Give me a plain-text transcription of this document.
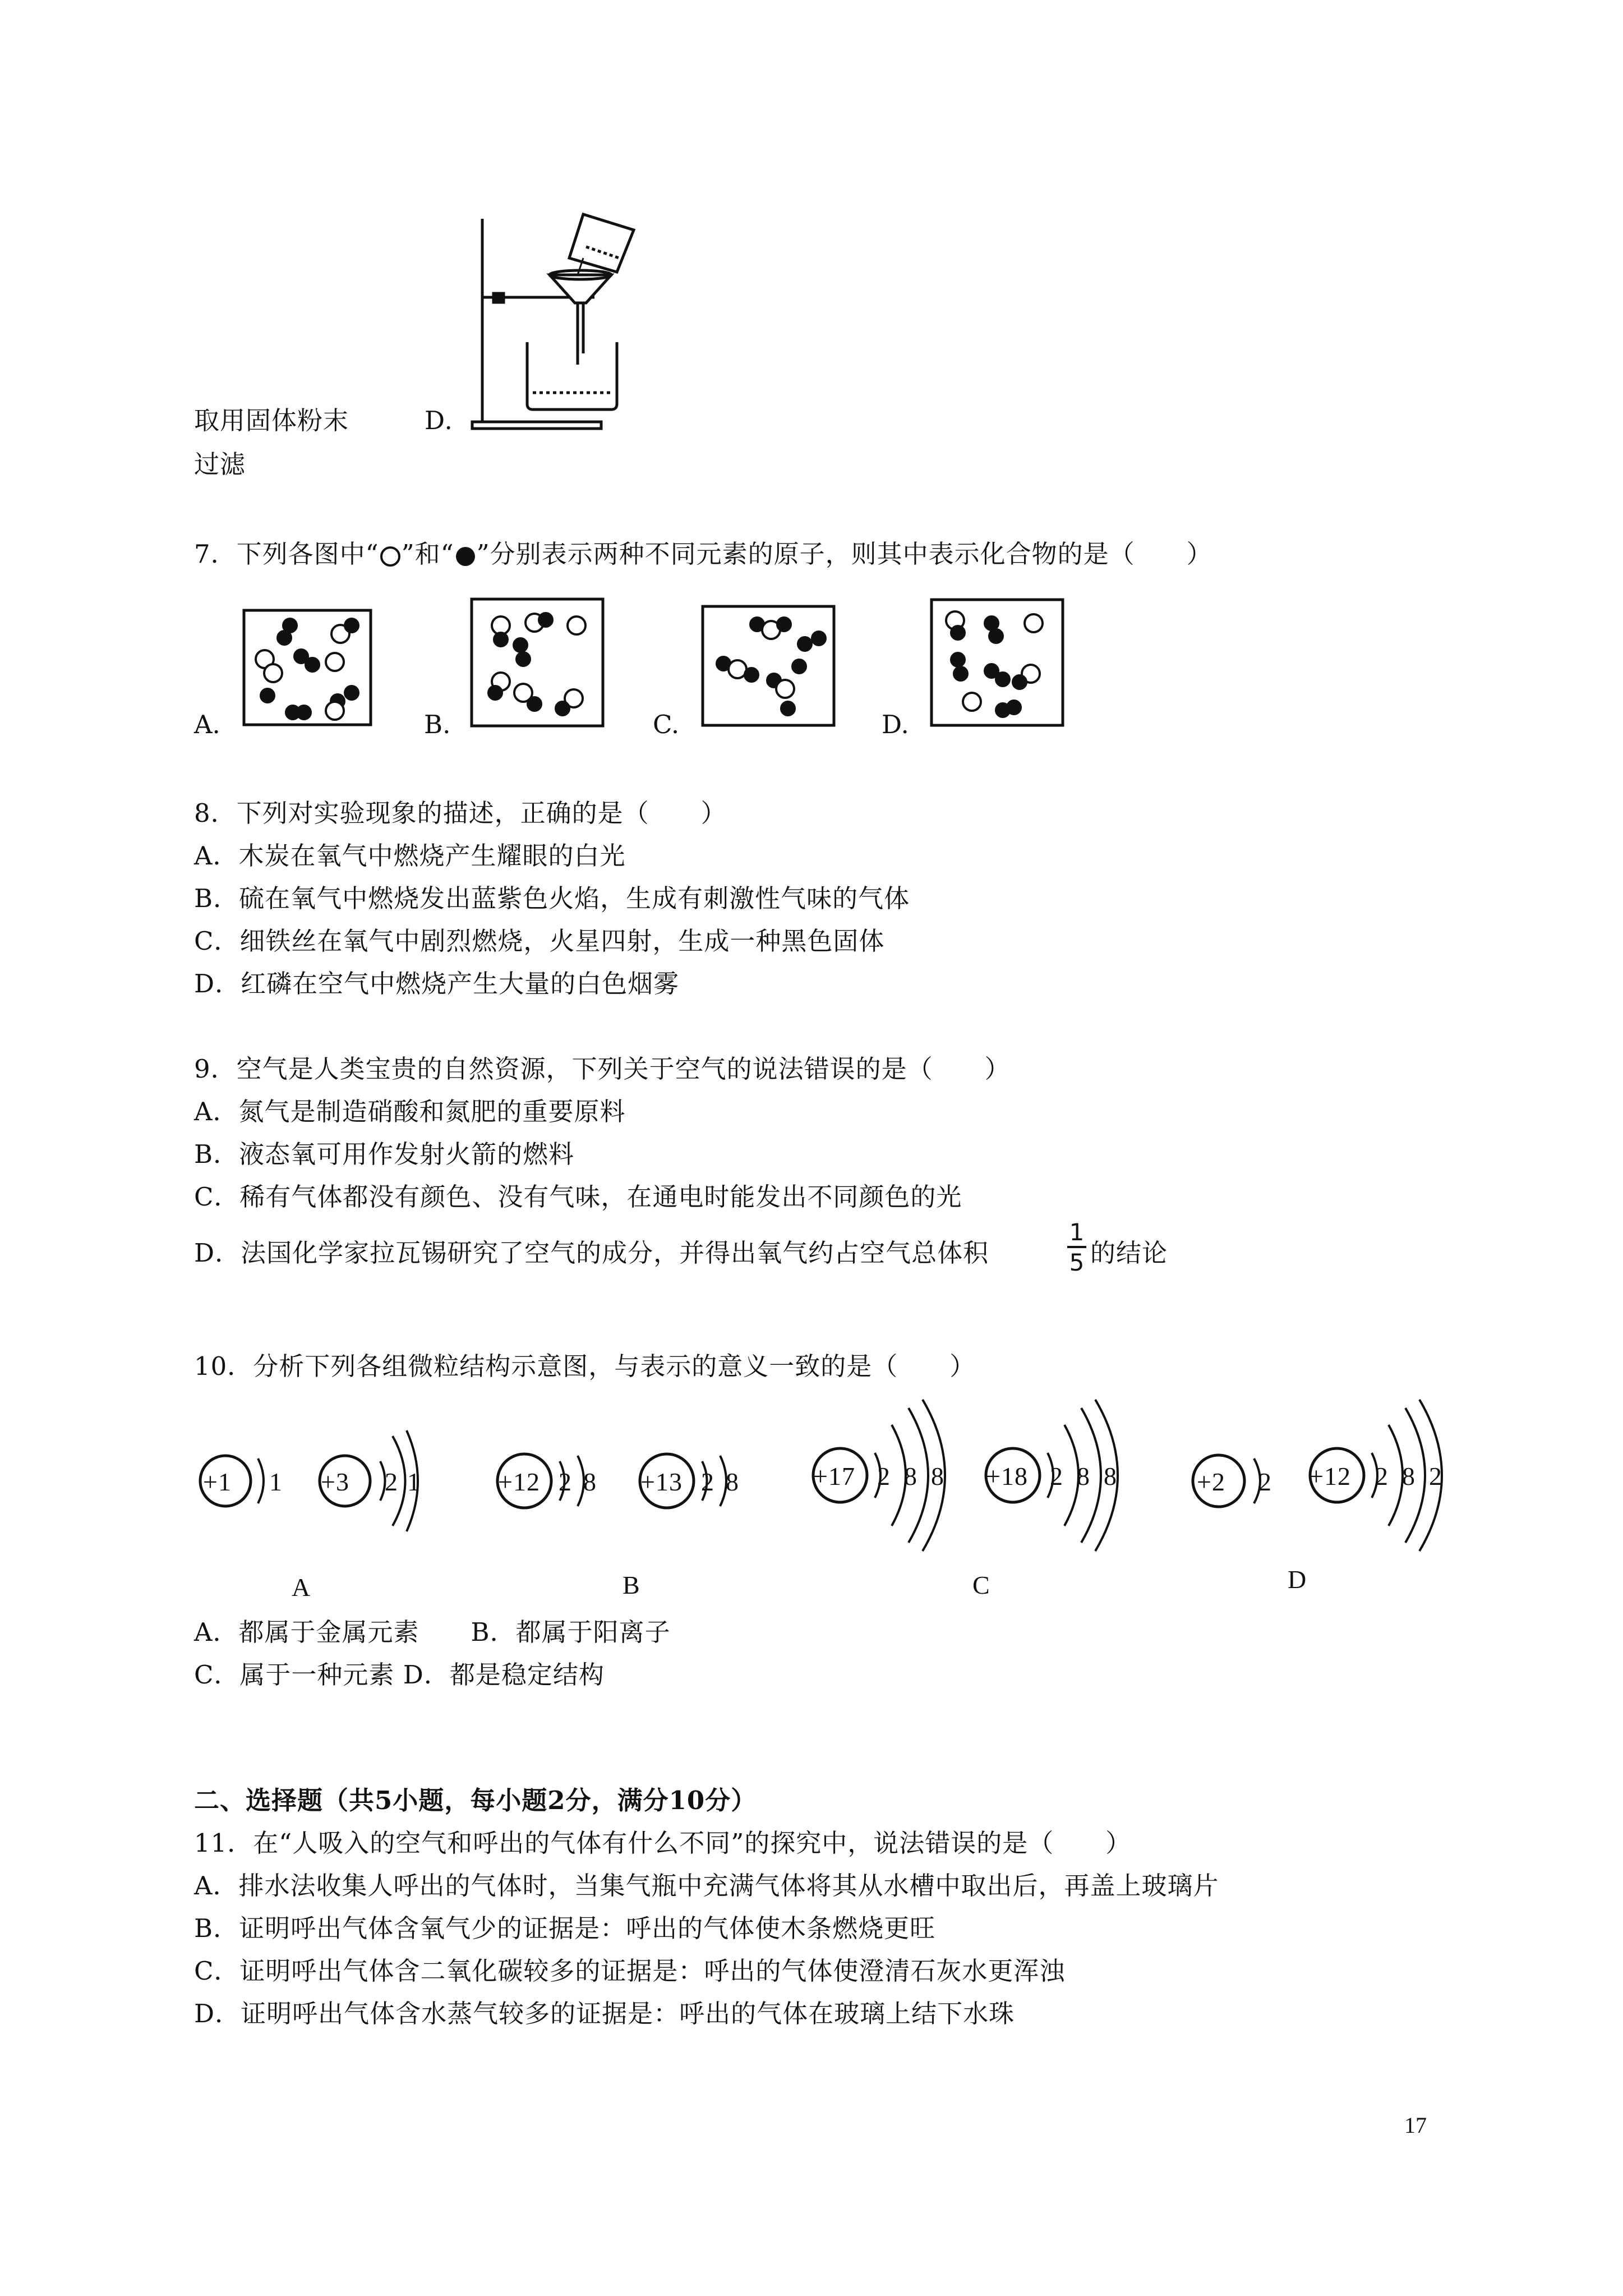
取用固体粉末	D.
过滤
7．下列各图中“ ”和“ ”分别表示两种不同元素的原子，则其中表示化合物的是（　　）
A.	B.	C.	D.
8．下列对实验现象的描述，正确的是（　　）
A．木炭在氧气中燃烧产生耀眼的白光
B．硫在氧气中燃烧发出蓝紫色火焰，生成有刺激性气味的气体
C．细铁丝在氧气中剧烈燃烧，火星四射，生成一种黑色固体
D．红磷在空气中燃烧产生大量的白色烟雾
9．空气是人类宝贵的自然资源，下列关于空气的说法错误的是（　　）
A．氮气是制造硝酸和氮肥的重要原料
B．液态氧可用作发射火箭的燃料
C．稀有气体都没有颜色、没有气味，在通电时能发出不同颜色的光
D．法国化学家拉瓦锡研究了空气的成分，并得出氧气约占空气总体积
1
5 的结论
10．分析下列各组微粒结构示意图，与表示的意义一致的是（　　）
+1 1 +3 2 1	+12 2 8 +13 2 8	+17 2 8 8 +18 2 8 8	+2 2 +12 2 8 2
A	B	C	D
A．都属于金属元素　　B．都属于阳离子
C．属于一种元素 D．都是稳定结构
二、选择题（共5小题，每小题2分，满分10分）
11．在“人吸入的空气和呼出的气体有什么不同”的探究中，说法错误的是（　　）
A．排水法收集人呼出的气体时，当集气瓶中充满气体将其从水槽中取出后，再盖上玻璃片
B．证明呼出气体含氧气少的证据是：呼出的气体使木条燃烧更旺
C．证明呼出气体含二氧化碳较多的证据是：呼出的气体使澄清石灰水更浑浊
D．证明呼出气体含水蒸气较多的证据是：呼出的气体在玻璃上结下水珠
17
